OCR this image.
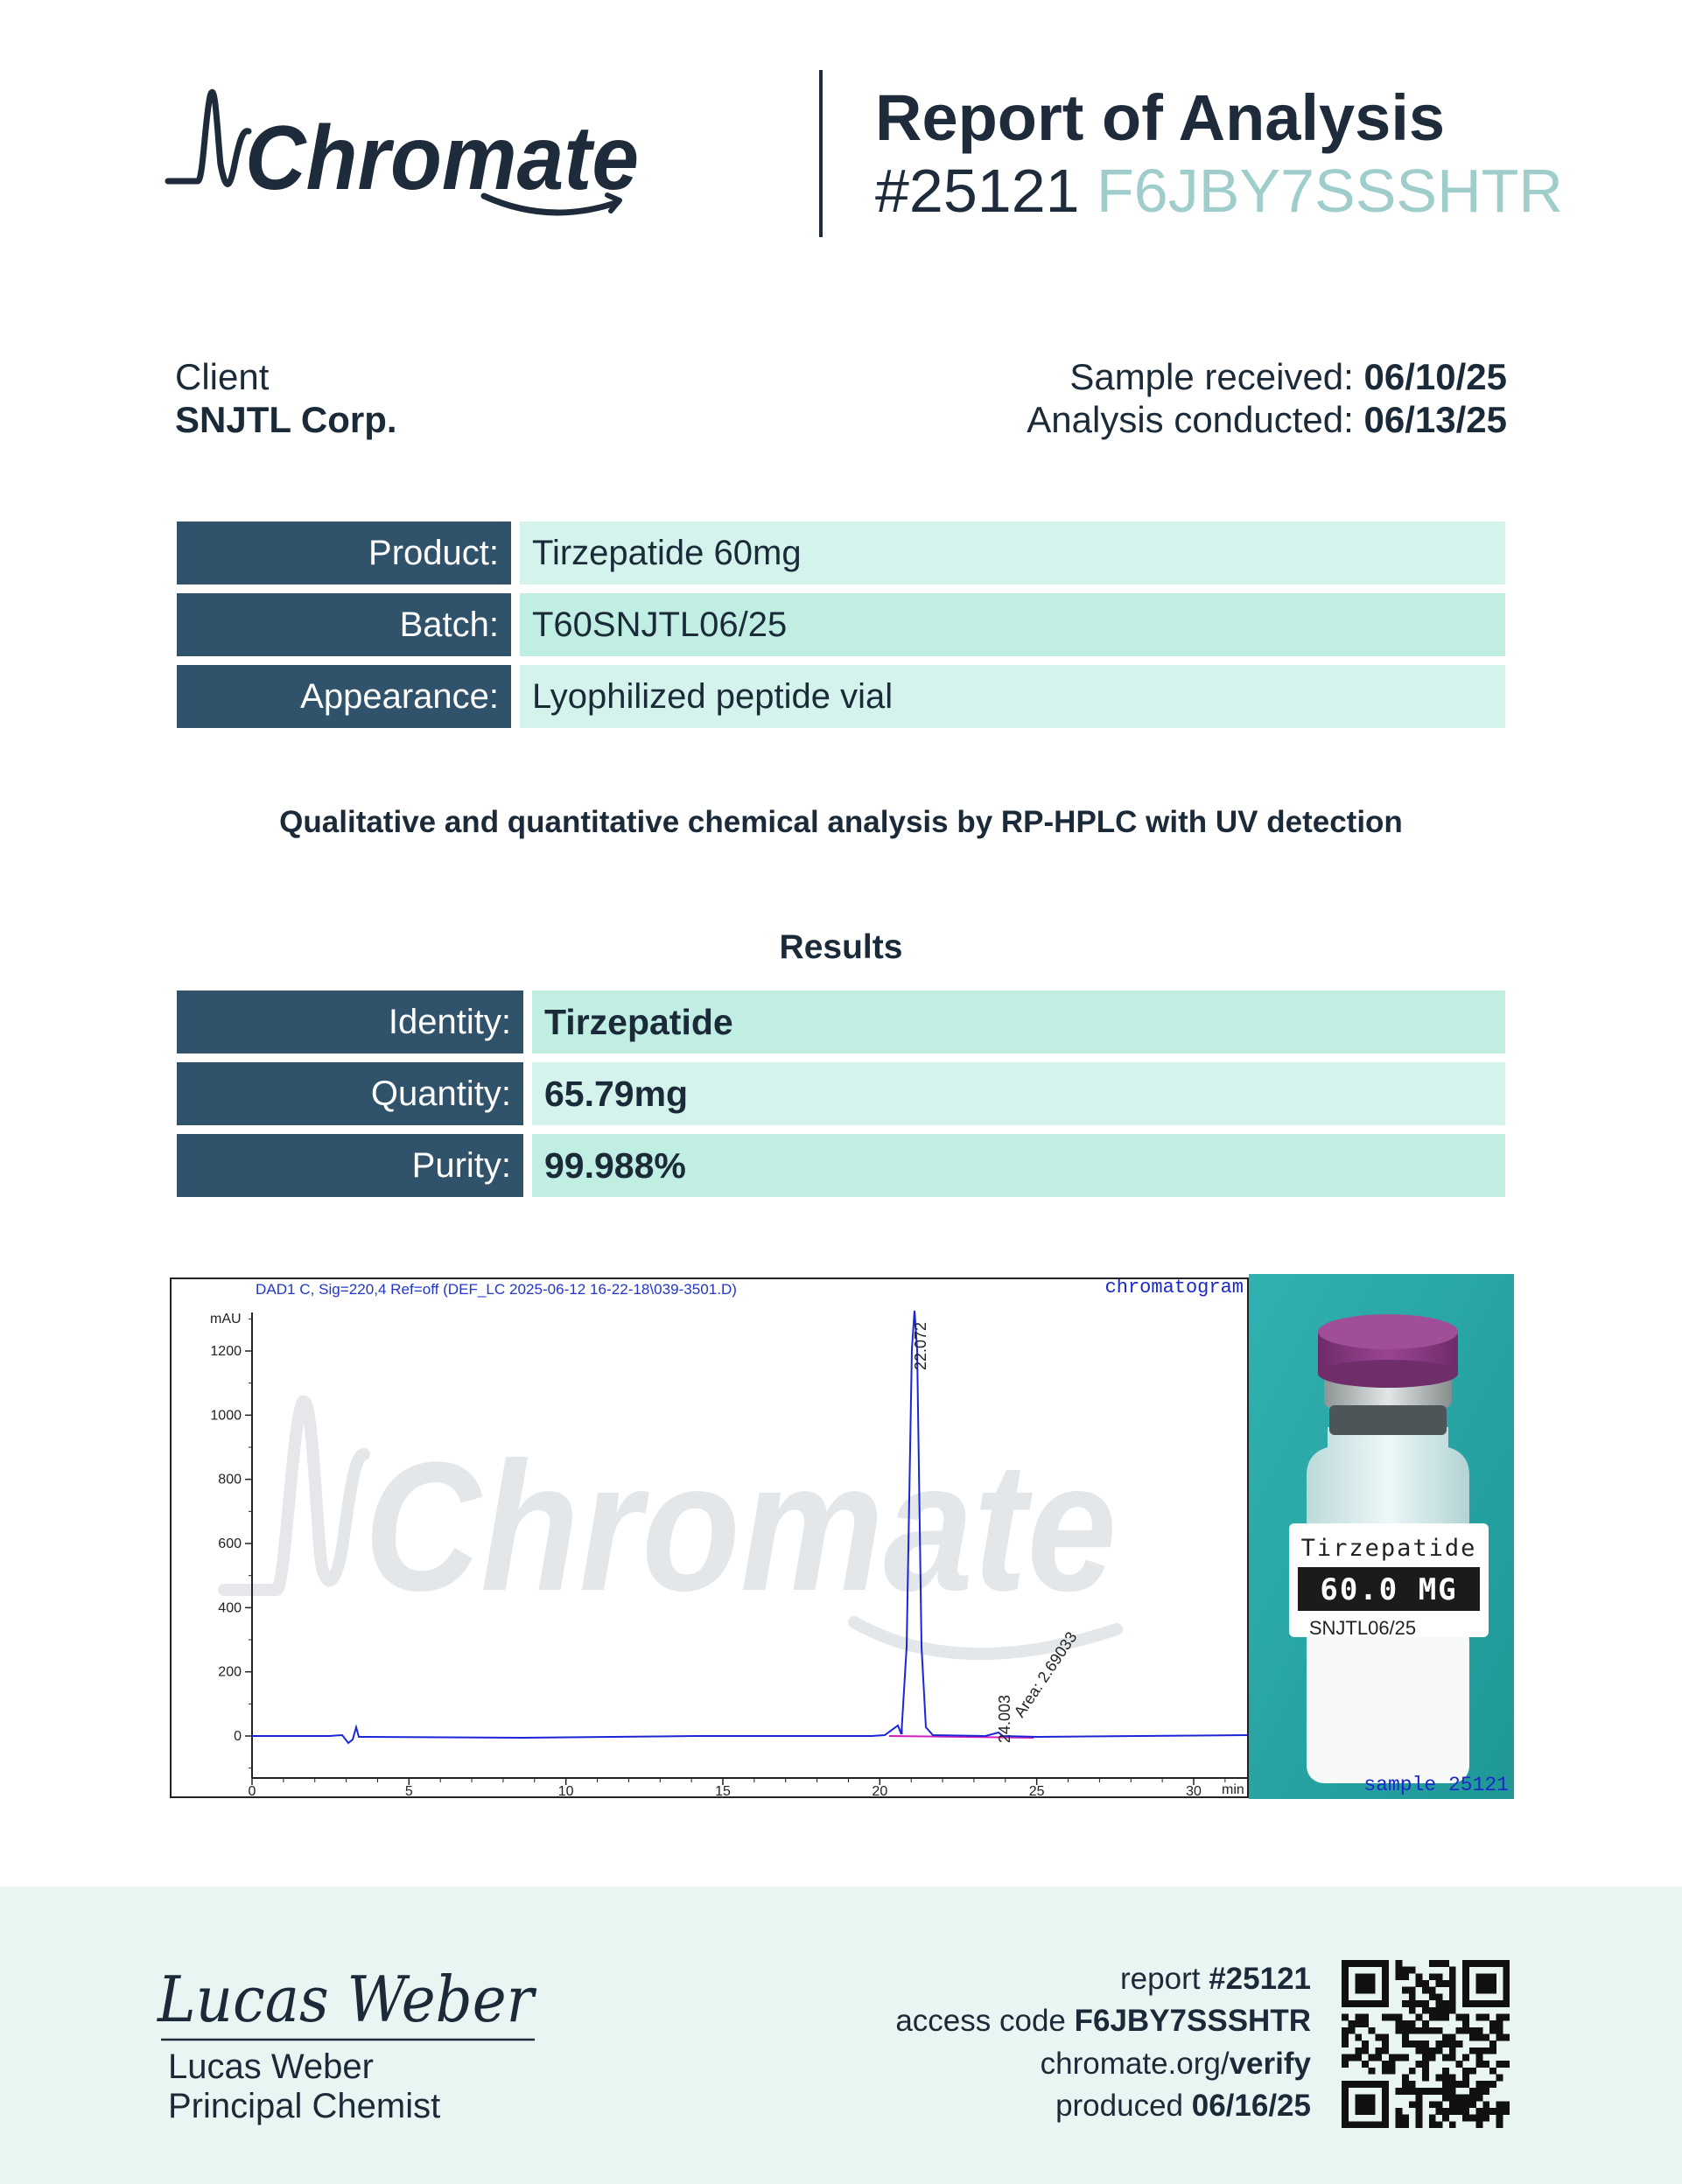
Chromate	Report of Analysis
#25121 F6JBY7SSSHTR
Client
SNJTL Corp.
Sample received: 06/10/25
Analysis conducted: 06/13/25
Product: Tirzepatide 60mg
Batch: T60SNJTL06/25
Appearance: Lyophilized peptide vial
Qualitative and quantitative chemical analysis by RP-HPLC with UV detection
Results
Identity: Tirzepatide
Quantity: 65.79mg
Purity: 99.988%
Chromate
0
200
400
600
800
1000
1200
0	5	10	15	20	25	30
DAD1 C, Sig=220,4 Ref=off (DEF_LC 2025-06-12 16-22-18\039-3501.D)	chromatogram
mAU
min
22.072
24.003
Area: 2.69033
Tirzepatide
60.0 MG
SNJTL06/25
sample 25121
Lucas Weber
Lucas Weber
Principal Chemist
report #25121
access code F6JBY7SSSHTR
chromate.org/verify
produced 06/16/25
